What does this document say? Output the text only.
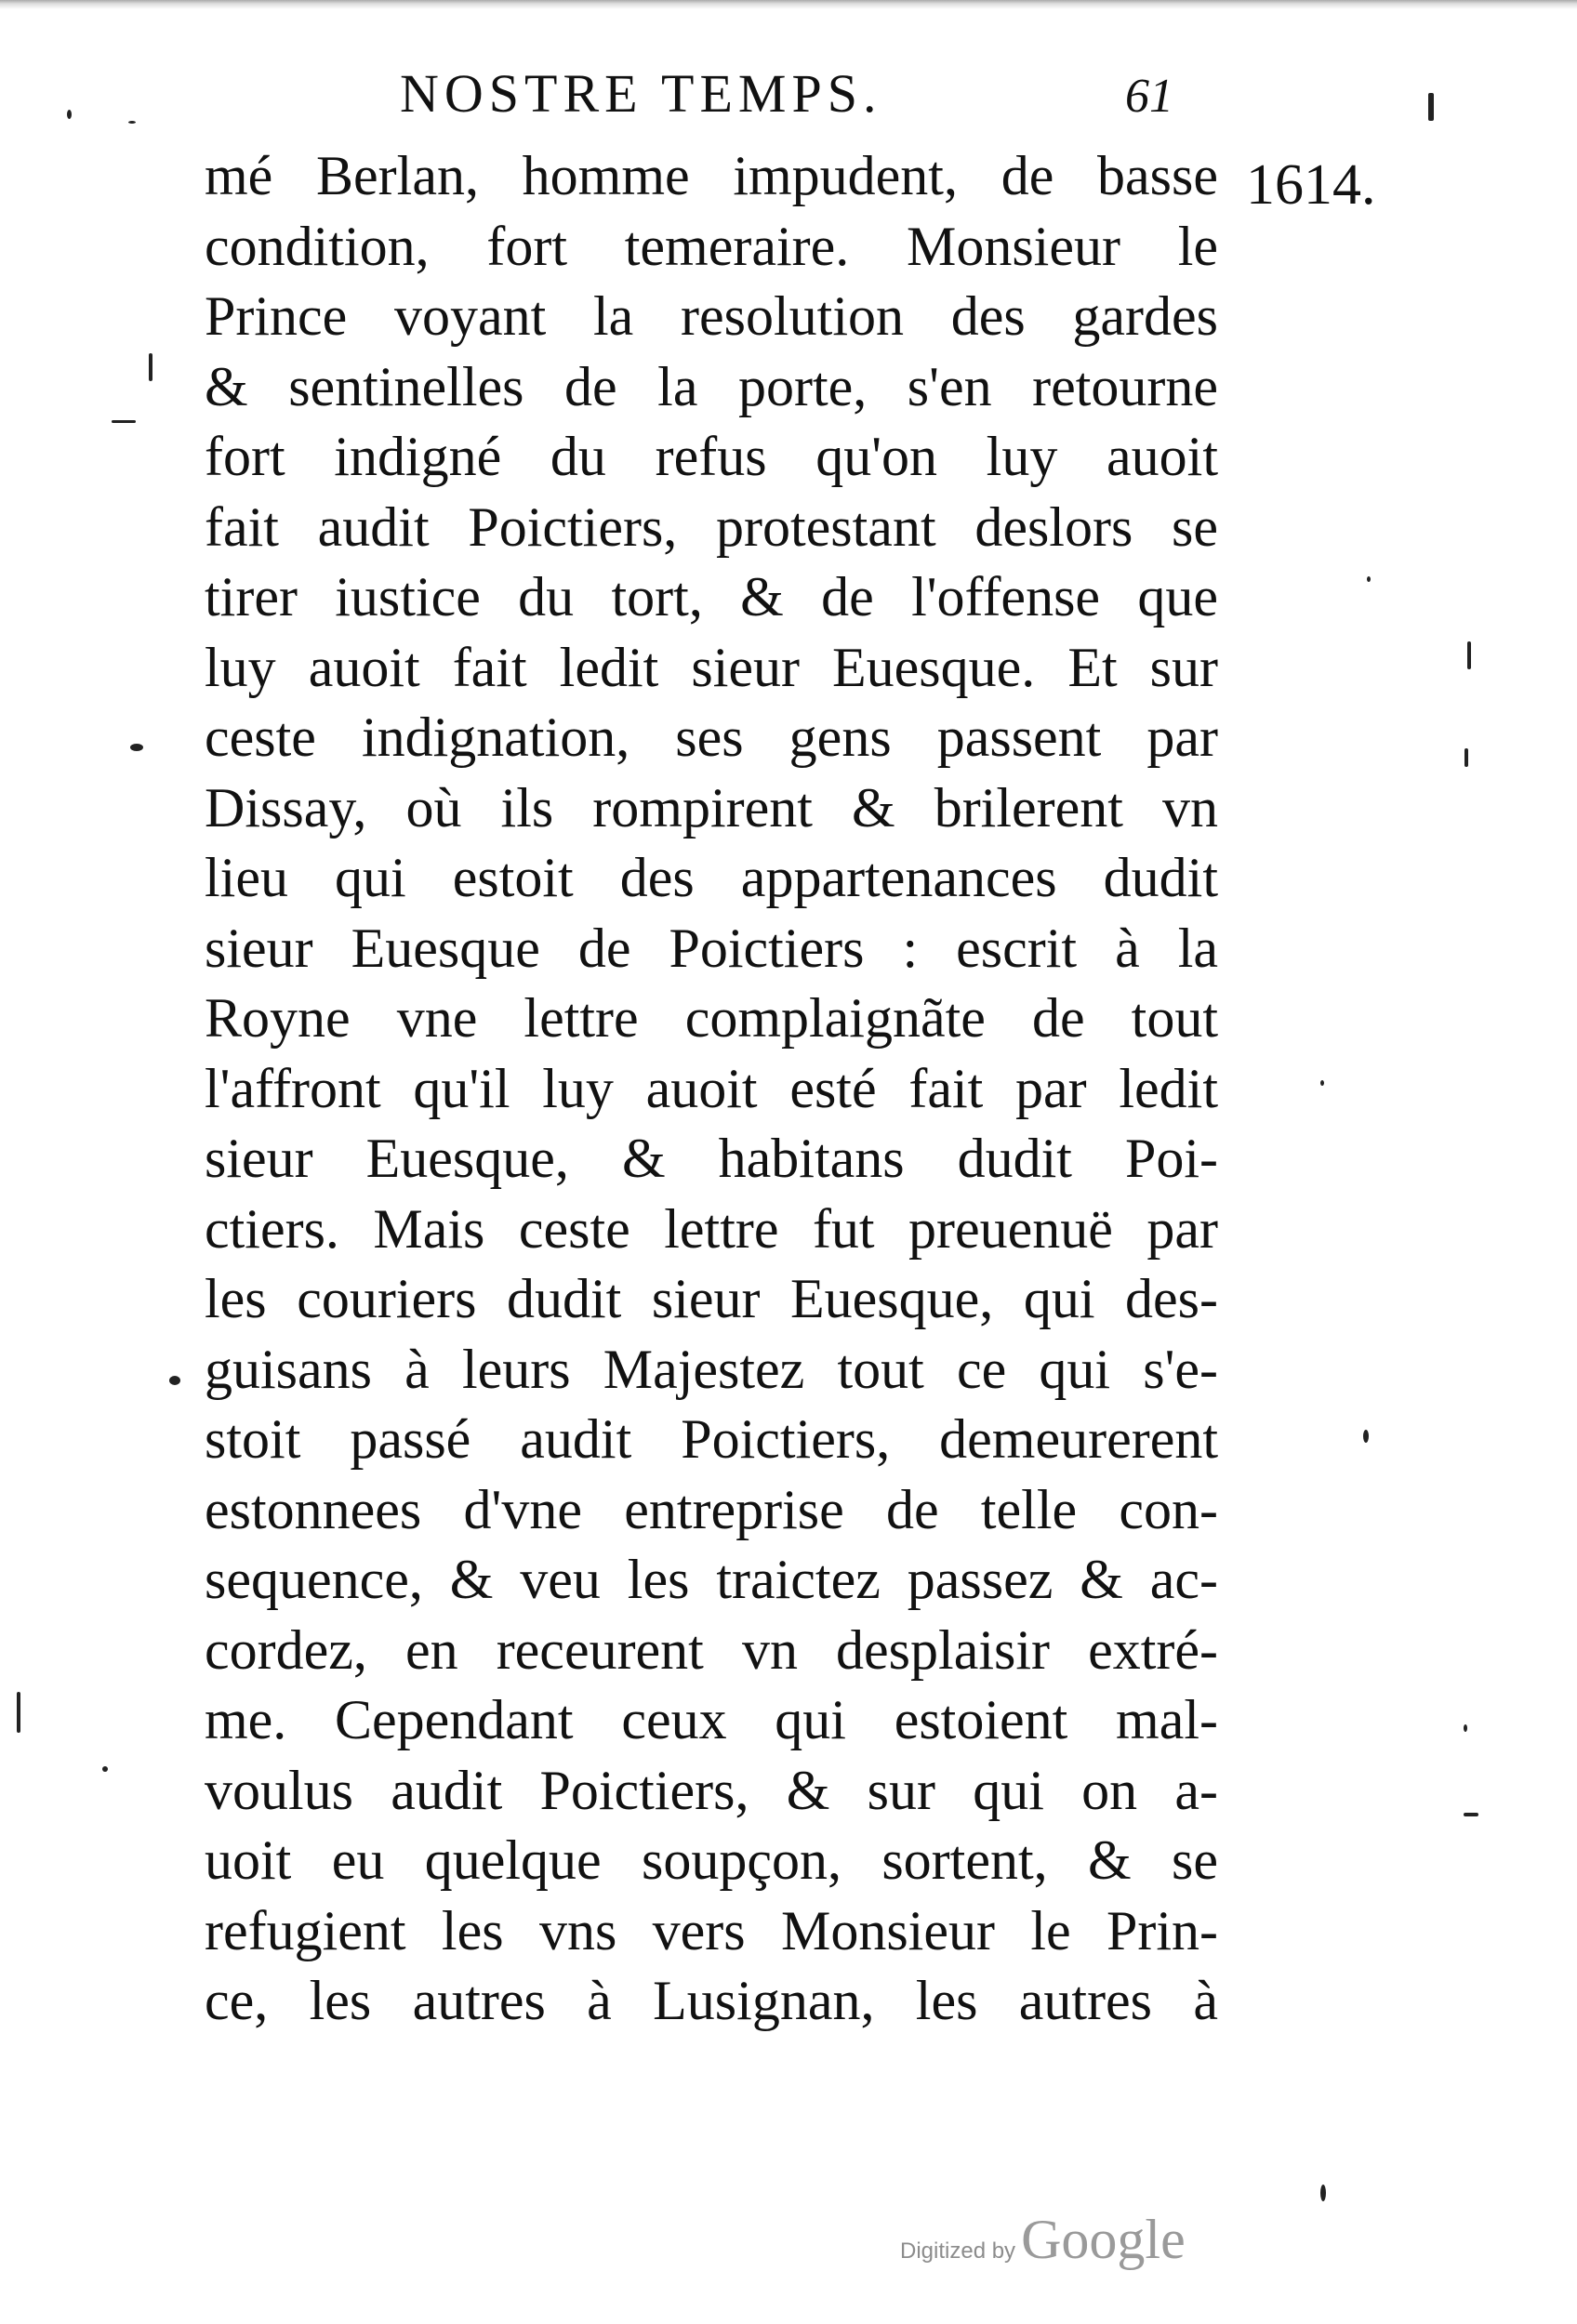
NOSTRE TEMPS.	61
1614.
mé Berlan, homme impudent, de basse
condition, fort temeraire. Monsieur le
Prince voyant la resolution des gardes
& sentinelles de la porte, s'en retourne
fort indigné du refus qu'on luy auoit
fait audit Poictiers, protestant deslors se
tirer iustice du tort, & de l'offense que
luy auoit fait ledit sieur Euesque. Et sur
ceste indignation, ses gens passent par
Dissay, où ils rompirent & brilerent vn
lieu qui estoit des appartenances dudit
sieur Euesque de Poictiers : escrit à la
Royne vne lettre complaignãte de tout
l'affront qu'il luy auoit esté fait par ledit
sieur Euesque, & habitans dudit Poi-
ctiers. Mais ceste lettre fut preuenuë par
les couriers dudit sieur Euesque, qui des-
guisans à leurs Majestez tout ce qui s'e-
stoit passé audit Poictiers, demeurerent
estonnees d'vne entreprise de telle con-
sequence, & veu les traictez passez & ac-
cordez, en receurent vn desplaisir extré-
me. Cependant ceux qui estoient mal-
voulus audit Poictiers, & sur qui on a-
uoit eu quelque soupçon, sortent, & se
refugient les vns vers Monsieur le Prin-
ce, les autres à Lusignan, les autres à
Digitized by Google
